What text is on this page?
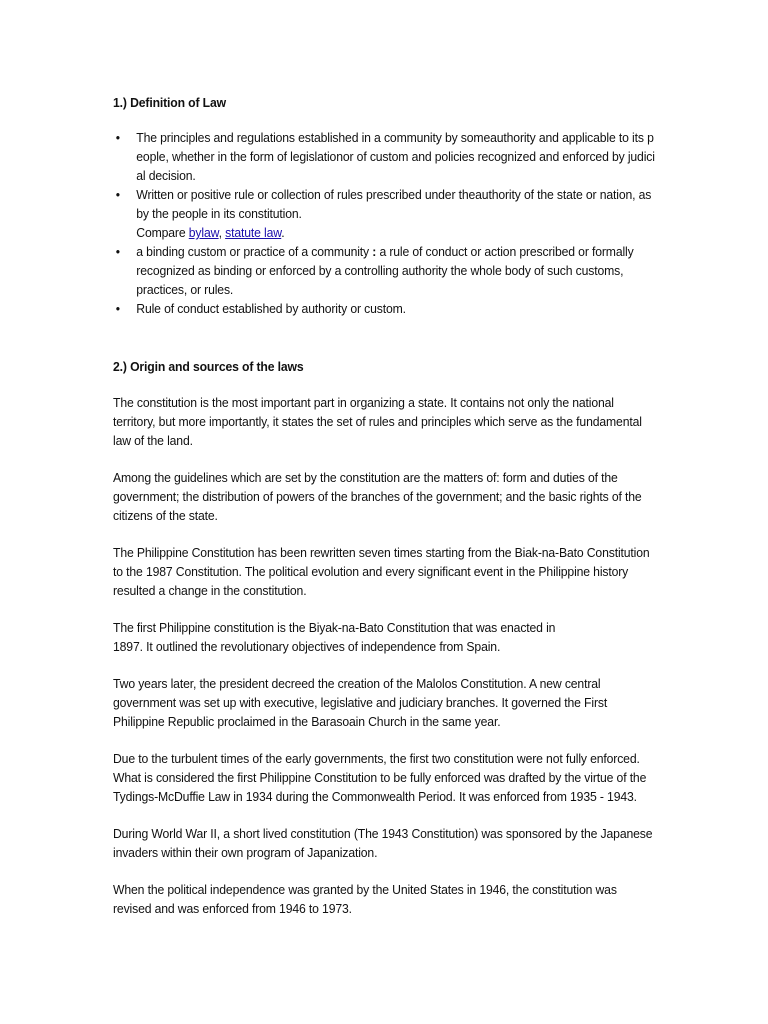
1.) Definition of Law

• The principles and regulations established in a community by someauthority and applicable to its p
eople, whether in the form of legislationor of custom and policies recognized and enforced by judici
al decision.
• Written or positive rule or collection of rules prescribed under theauthority of the state or nation, as
by the people in its constitution.
Compare bylaw, statute law.
• a binding custom or practice of a community : a rule of conduct or action prescribed or formally
recognized as binding or enforced by a controlling authority the whole body of such customs,
practices, or rules.
• Rule of conduct established by authority or custom.

2.) Origin and sources of the laws

The constitution is the most important part in organizing a state. It contains not only the national
territory, but more importantly, it states the set of rules and principles which serve as the fundamental
law of the land.
Among the guidelines which are set by the constitution are the matters of: form and duties of the
government; the distribution of powers of the branches of the government; and the basic rights of the
citizens of the state.
The Philippine Constitution has been rewritten seven times starting from the Biak-na-Bato Constitution
to the 1987 Constitution. The political evolution and every significant event in the Philippine history
resulted a change in the constitution.
The first Philippine constitution is the Biyak-na-Bato Constitution that was enacted in
1897. It outlined the revolutionary objectives of independence from Spain.
Two years later, the president decreed the creation of the Malolos Constitution. A new central
government was set up with executive, legislative and judiciary branches. It governed the First
Philippine Republic proclaimed in the Barasoain Church in the same year.
Due to the turbulent times of the early governments, the first two constitution were not fully enforced.
What is considered the first Philippine Constitution to be fully enforced was drafted by the virtue of the
Tydings-McDuffie Law in 1934 during the Commonwealth Period. It was enforced from 1935 - 1943.
During World War II, a short lived constitution (The 1943 Constitution) was sponsored by the Japanese
invaders within their own program of Japanization.
When the political independence was granted by the United States in 1946, the constitution was
revised and was enforced from 1946 to 1973.
